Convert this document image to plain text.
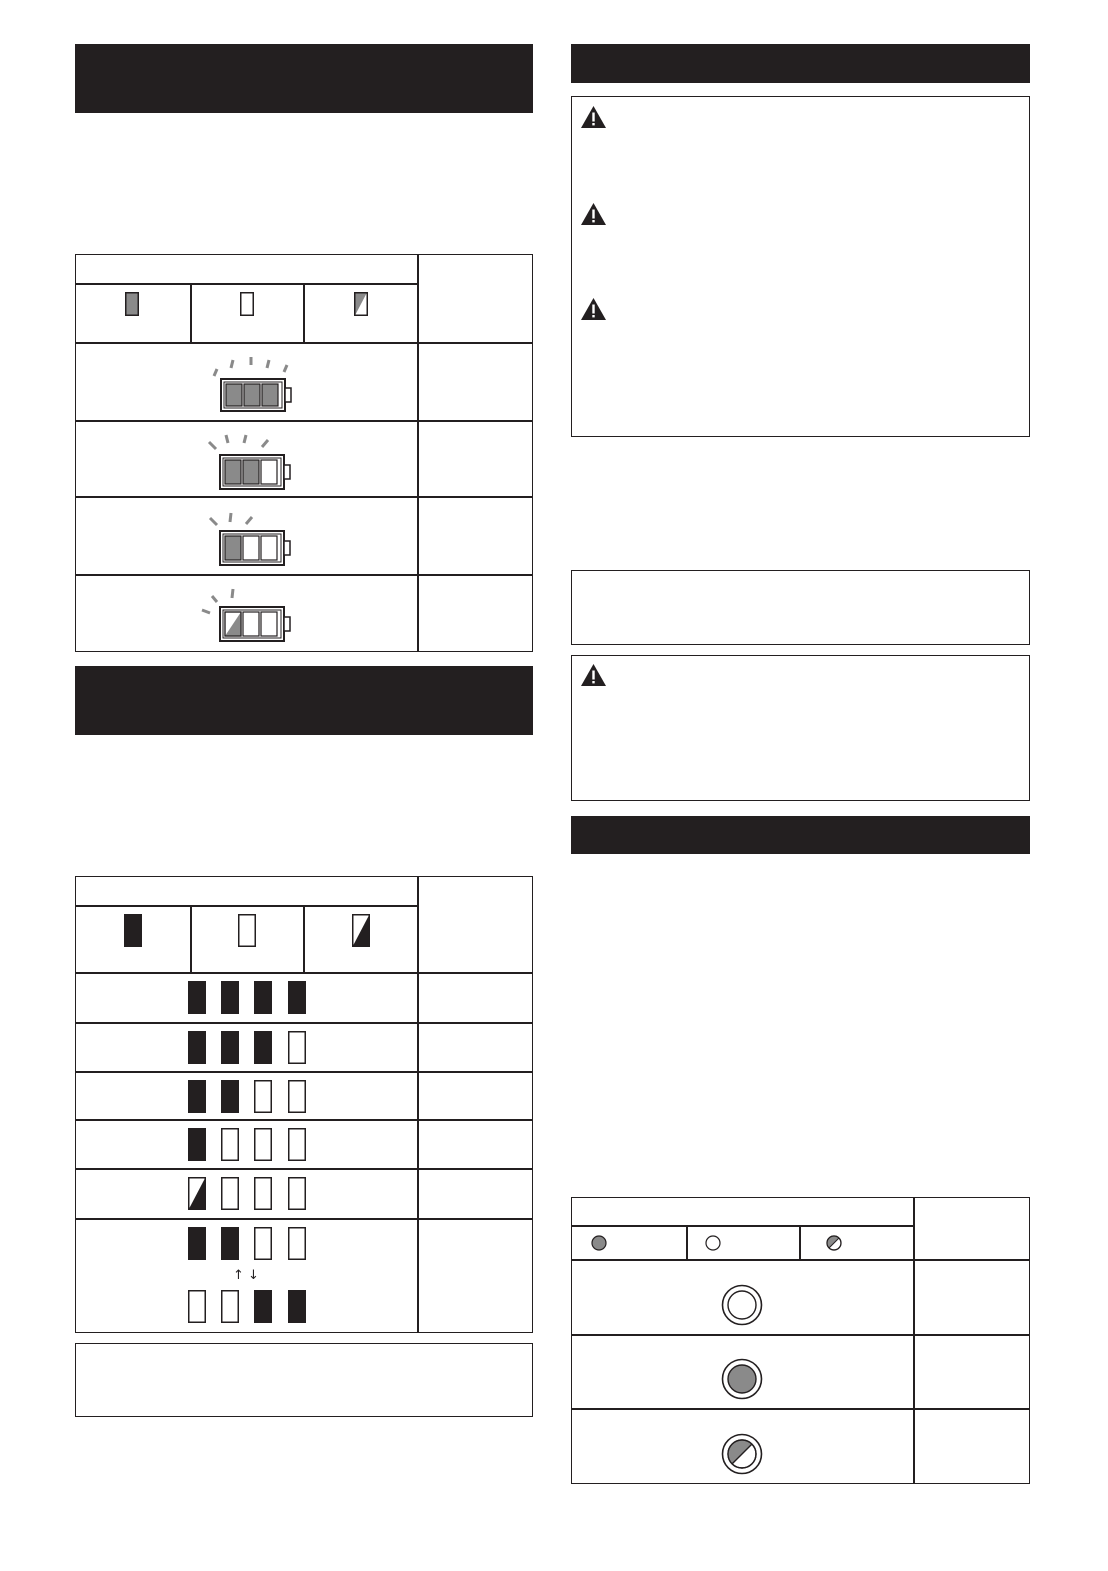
↑ ↓
